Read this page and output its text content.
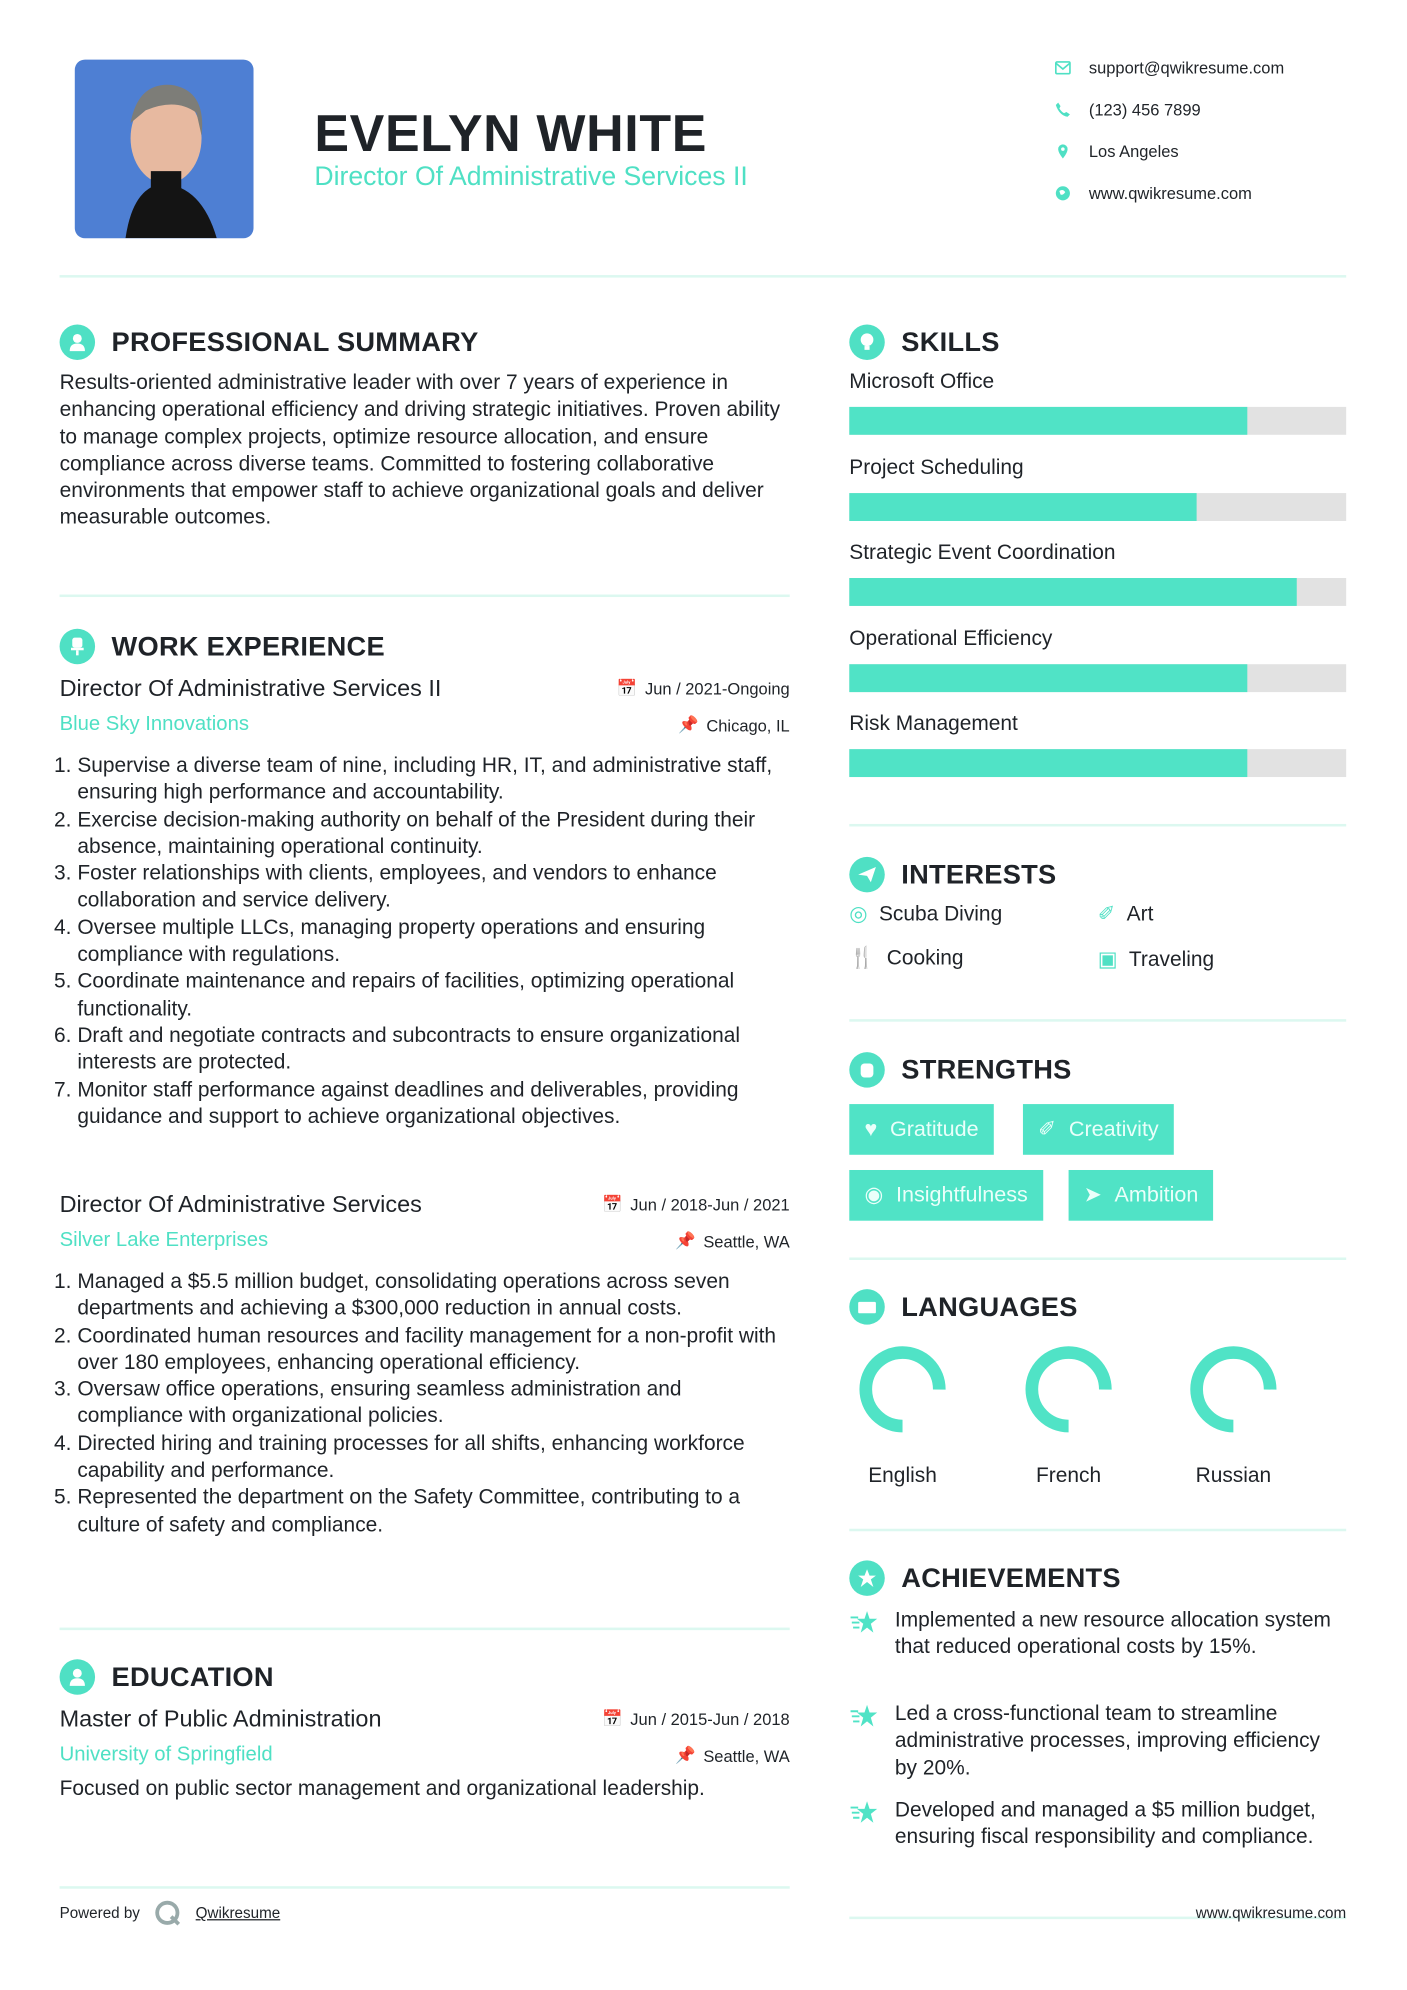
EVELYN WHITE
Director Of Administrative Services II
support@qwikresume.com
(123) 456 7899
Los Angeles
www.qwikresume.com
PROFESSIONAL SUMMARY
Results-oriented administrative leader with over 7 years of experience in enhancing operational efficiency and driving strategic initiatives. Proven ability to manage complex projects, optimize resource allocation, and ensure compliance across diverse teams. Committed to fostering collaborative environments that empower staff to achieve organizational goals and deliver measurable outcomes.
WORK EXPERIENCE
Director Of Administrative Services II	📅 Jun / 2021-Ongoing
Blue Sky Innovations	📌 Chicago, IL
1. Supervise a diverse team of nine, including HR, IT, and administrative staff, ensuring high performance and accountability.
2. Exercise decision-making authority on behalf of the President during their absence, maintaining operational continuity.
3. Foster relationships with clients, employees, and vendors to enhance collaboration and service delivery.
4. Oversee multiple LLCs, managing property operations and ensuring compliance with regulations.
5. Coordinate maintenance and repairs of facilities, optimizing operational functionality.
6. Draft and negotiate contracts and subcontracts to ensure organizational interests are protected.
7. Monitor staff performance against deadlines and deliverables, providing guidance and support to achieve organizational objectives.
Director Of Administrative Services	📅 Jun / 2018-Jun / 2021
Silver Lake Enterprises	📌 Seattle, WA
1. Managed a $5.5 million budget, consolidating operations across seven departments and achieving a $300,000 reduction in annual costs.
2. Coordinated human resources and facility management for a non-profit with over 180 employees, enhancing operational efficiency.
3. Oversaw office operations, ensuring seamless administration and compliance with organizational policies.
4. Directed hiring and training processes for all shifts, enhancing workforce capability and performance.
5. Represented the department on the Safety Committee, contributing to a culture of safety and compliance.
EDUCATION
Master of Public Administration	📅 Jun / 2015-Jun / 2018
University of Springfield	📌 Seattle, WA
Focused on public sector management and organizational leadership.
Powered by	Qwikresume
SKILLS
Microsoft Office
Project Scheduling
Strategic Event Coordination
Operational Efficiency
Risk Management
INTERESTS
◎ Scuba Diving	✐ Art
🍴 Cooking	▣ Traveling
STRENGTHS
♥ Gratitude	✐ Creativity
◉ Insightfulness	➤ Ambition
LANGUAGES
English	French	Russian
ACHIEVEMENTS
Implemented a new resource allocation system that reduced operational costs by 15%.
Led a cross-functional team to streamline administrative processes, improving efficiency by 20%.
Developed and managed a $5 million budget, ensuring fiscal responsibility and compliance.
www.qwikresume.com
